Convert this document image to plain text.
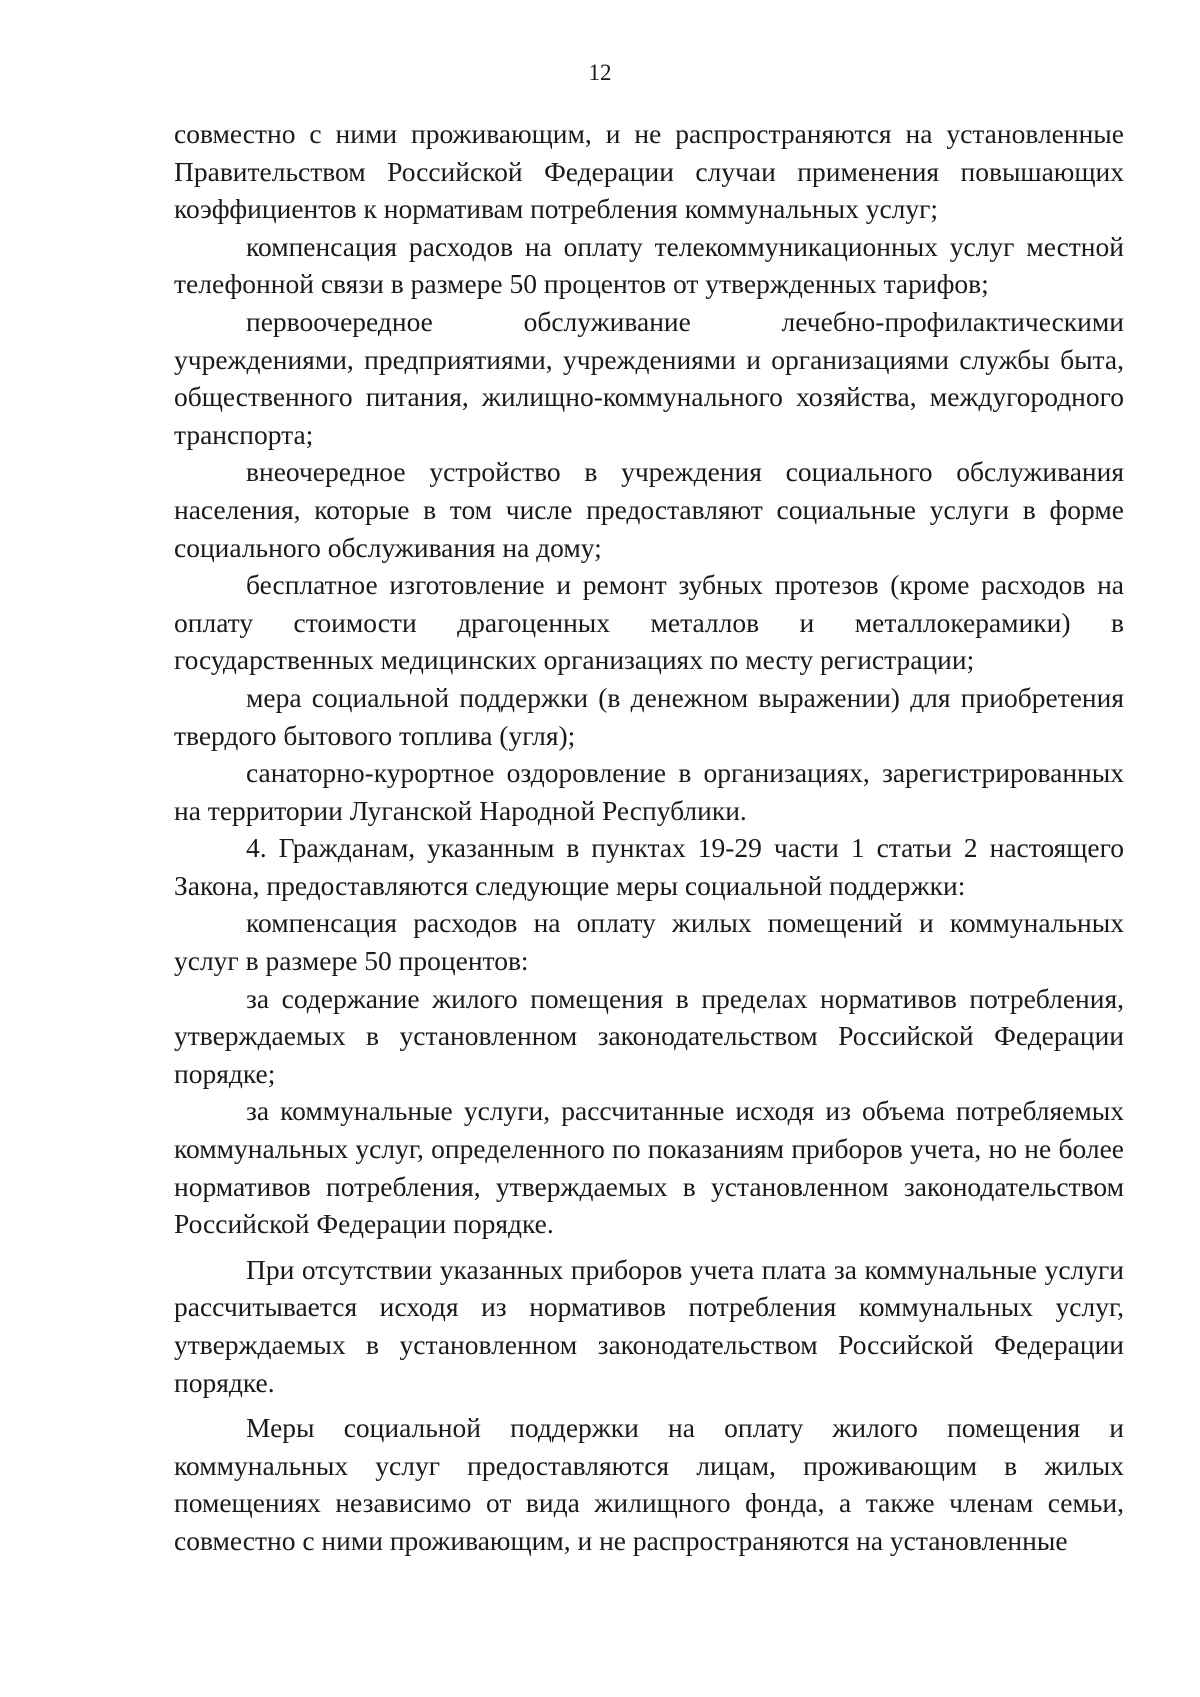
12

совместно с ними проживающим, и не распространяются на установленные Правительством Российской Федерации случаи применения повышающих коэффициентов к нормативам потребления коммунальных услуг;

компенсация расходов на оплату телекоммуникационных услуг местной телефонной связи в размере 50 процентов от утвержденных тарифов;

первоочередное обслуживание лечебно-профилактическими учреждениями, предприятиями, учреждениями и организациями службы быта, общественного питания, жилищно-коммунального хозяйства, междугородного транспорта;

внеочередное устройство в учреждения социального обслуживания населения, которые в том числе предоставляют социальные услуги в форме социального обслуживания на дому;

бесплатное изготовление и ремонт зубных протезов (кроме расходов на оплату стоимости драгоценных металлов и металлокерамики) в государственных медицинских организациях по месту регистрации;

мера социальной поддержки (в денежном выражении) для приобретения твердого бытового топлива (угля);

санаторно-курортное оздоровление в организациях, зарегистрированных на территории Луганской Народной Республики.

4. Гражданам, указанным в пунктах 19-29 части 1 статьи 2 настоящего Закона, предоставляются следующие меры социальной поддержки:

компенсация расходов на оплату жилых помещений и коммунальных услуг в размере 50 процентов:

за содержание жилого помещения в пределах нормативов потребления, утверждаемых в установленном законодательством Российской Федерации порядке;

за коммунальные услуги, рассчитанные исходя из объема потребляемых коммунальных услуг, определенного по показаниям приборов учета, но не более нормативов потребления, утверждаемых в установленном законодательством Российской Федерации порядке.

При отсутствии указанных приборов учета плата за коммунальные услуги рассчитывается исходя из нормативов потребления коммунальных услуг, утверждаемых в установленном законодательством Российской Федерации порядке.

Меры социальной поддержки на оплату жилого помещения и коммунальных услуг предоставляются лицам, проживающим в жилых помещениях независимо от вида жилищного фонда, а также членам семьи, совместно с ними проживающим, и не распространяются на установленные
